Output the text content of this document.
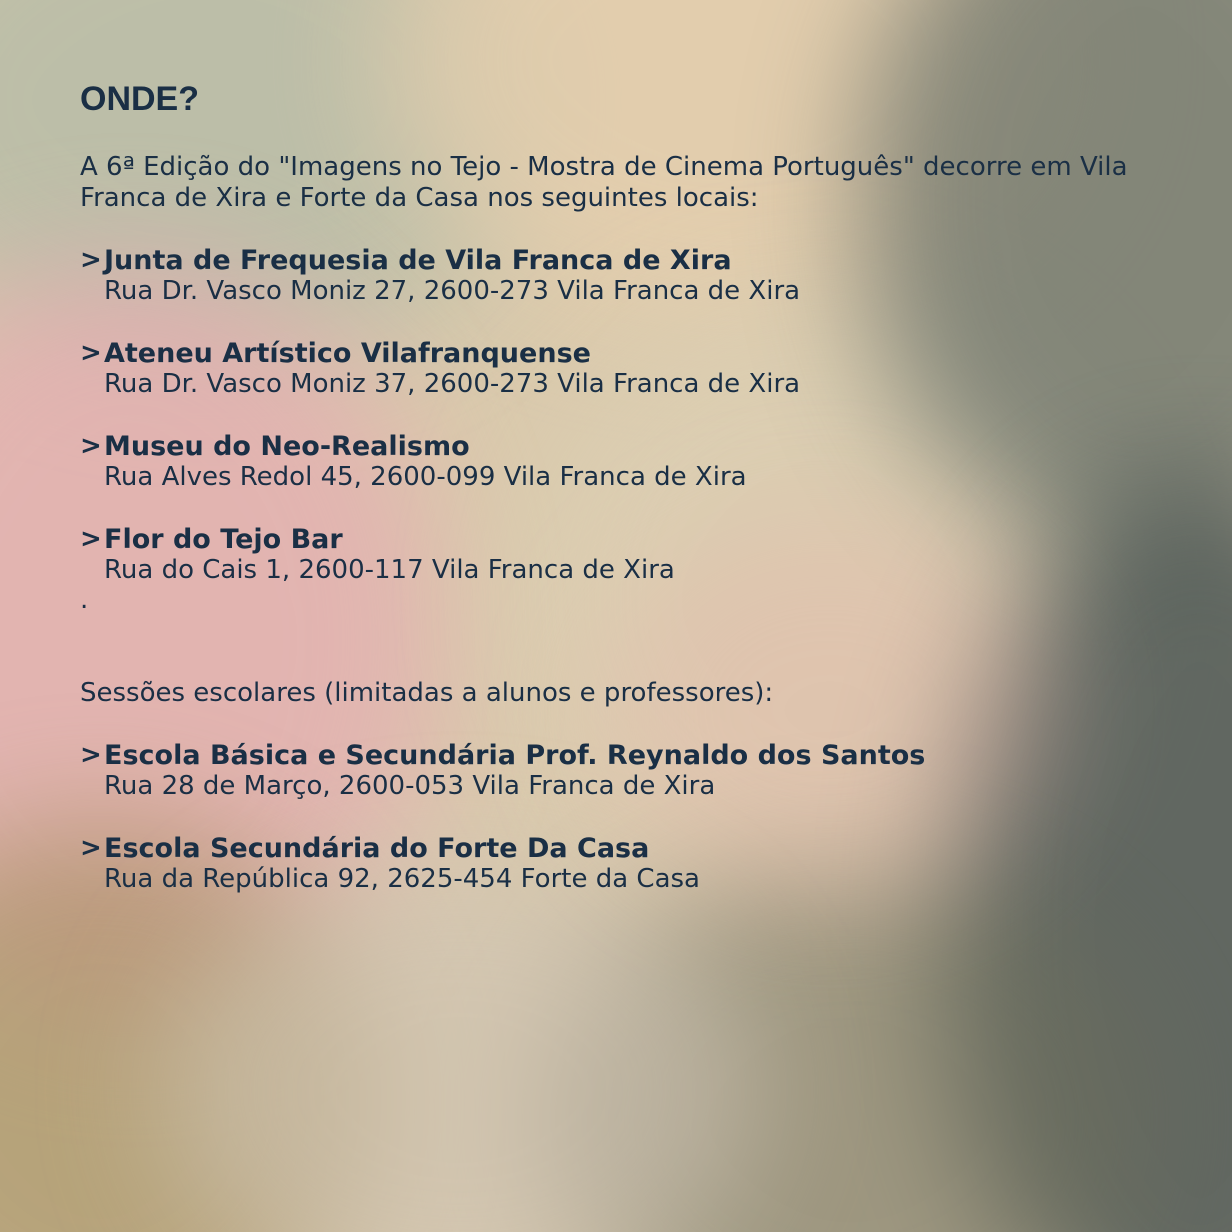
ONDE?

A 6ª Edição do "Imagens no Tejo - Mostra de Cinema Português" decorre em Vila Franca de Xira e Forte da Casa nos seguintes locais:

> Junta de Frequesia de Vila Franca de Xira
Rua Dr. Vasco Moniz 27, 2600-273 Vila Franca de Xira
> Ateneu Artístico Vilafranquense
Rua Dr. Vasco Moniz 37, 2600-273 Vila Franca de Xira
> Museu do Neo-Realismo
Rua Alves Redol 45, 2600-099 Vila Franca de Xira
> Flor do Tejo Bar
Rua do Cais 1, 2600-117 Vila Franca de Xira
.
Sessões escolares (limitadas a alunos e professores):
> Escola Básica e Secundária Prof. Reynaldo dos Santos
Rua 28 de Março, 2600-053 Vila Franca de Xira
> Escola Secundária do Forte Da Casa
Rua da República 92, 2625-454 Forte da Casa
